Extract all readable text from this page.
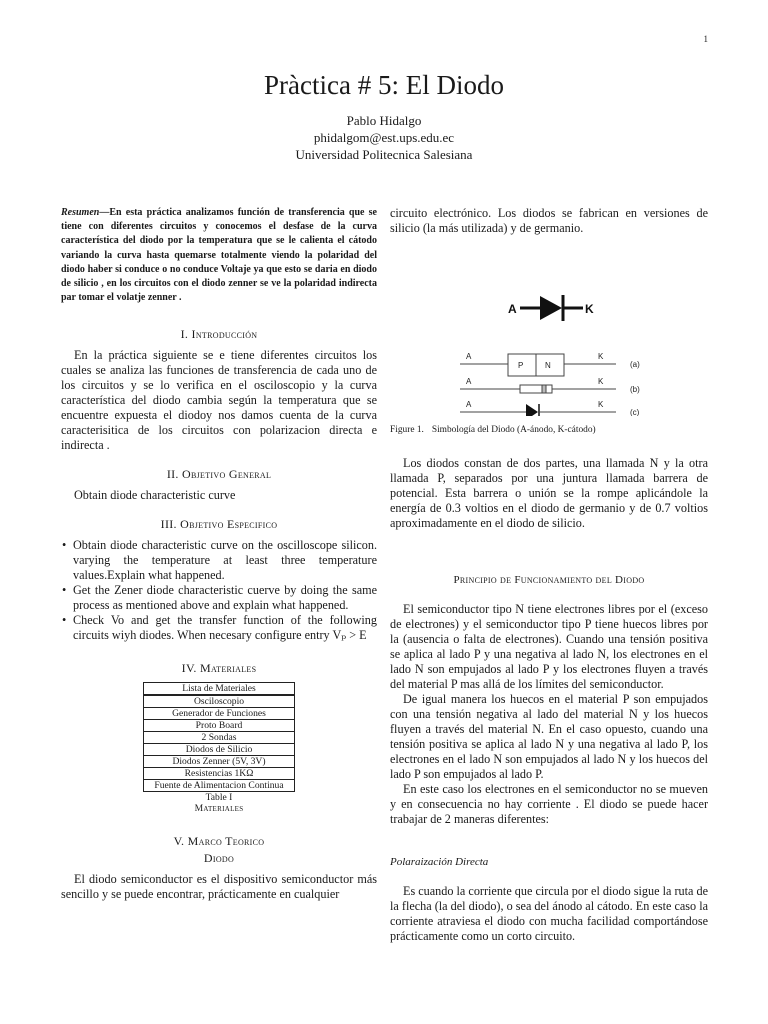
1
Pràctica # 5: El Diodo
Pablo Hidalgo
phidalgom@est.ups.edu.ec
Universidad Politecnica Salesiana
Resumen—En esta práctica analizamos función de transferencia que se tiene con diferentes circuitos y conocemos el desfase de la curva característica del diodo por la temperatura que se le calienta el cátodo variando la curva hasta quemarse totalmente viendo la polaridad del diodo haber si conduce o no conduce Voltaje ya que esto se daria en diodo de silicio , en los circuitos con el diodo zenner se ve la polaridad indirecta par tomar el volatje zenner .
I. Introducción

En la práctica siguiente se e tiene diferentes circuitos los cuales se analiza las funciones de transferencia de cada uno de los circuitos y se lo verifica en el osciloscopio y la curva característica del diodo cambia según la temperatura que se encuentre expuesta el diodoy nos damos cuenta de la curva caracterisitica de los circuitos con polarizacion directa e indirecta .

II. Objetivo General

Obtain diode characteristic curve

III. Objetivo Especifico
• Obtain diode characteristic curve on the oscilloscope silicon. varying the temperature at least three temperature values.Explain what happened.
• Get the Zener diode characteristic cuerve by doing the same process as mentioned above and explain what happened.
• Check Vo and get the transfer function of the following circuits wiyh diodes. When necesary configure entry Vₚ > E
IV. Materiales
Lista de Materiales
Osciloscopio
Generador de Funciones
Proto Board
2 Sondas
Diodos de Silicio
Diodos Zenner (5V, 3V)
Resistencias 1KΩ
Fuente de Alimentacion Continua
Table I
Materiales
V. Marco Teorico
Diodo

El diodo semiconductor es el dispositivo semiconductor más sencillo y se puede encontrar, prácticamente en cualquier

circuito electrónico. Los diodos se fabrican en versiones de silicio (la más utilizada) y de germanio.

A	K
A	K
P	N	(a)
A	K
(b)
A	K
(c)
Figure 1. Simbología del Diodo (A-ánodo, K-cátodo)

Los diodos constan de dos partes, una llamada N y la otra llamada P, separados por una juntura llamada barrera de potencial. Esta barrera o unión se la rompe aplicándole la energía de 0.3 voltios en el diodo de germanio y de 0.7 voltios aproximadamente en el diodo de silicio.

Principio de Funcionamiento del Diodo

El semiconductor tipo N tiene electrones libres por el (exceso de electrones) y el semiconductor tipo P tiene huecos libres por la (ausencia o falta de electrones). Cuando una tensión positiva se aplica al lado P y una negativa al lado N, los electrones en el lado N son empujados al lado P y los electrones fluyen a través del material P mas allá de los límites del semiconductor.

De igual manera los huecos en el material P son empujados con una tensión negativa al lado del material N y los huecos fluyen a través del material N. En el caso opuesto, cuando una tensión positiva se aplica al lado N y una negativa al lado P, los electrones en el lado N son empujados al lado N y los huecos del lado P son empujados al lado P.

En este caso los electrones en el semiconductor no se mueven y en consecuencia no hay corriente . El diodo se puede hacer trabajar de 2 maneras diferentes:

Polaraización Directa

Es cuando la corriente que circula por el diodo sigue la ruta de la flecha (la del diodo), o sea del ánodo al cátodo. En este caso la corriente atraviesa el diodo con mucha facilidad comportándose prácticamente como un corto circuito.
